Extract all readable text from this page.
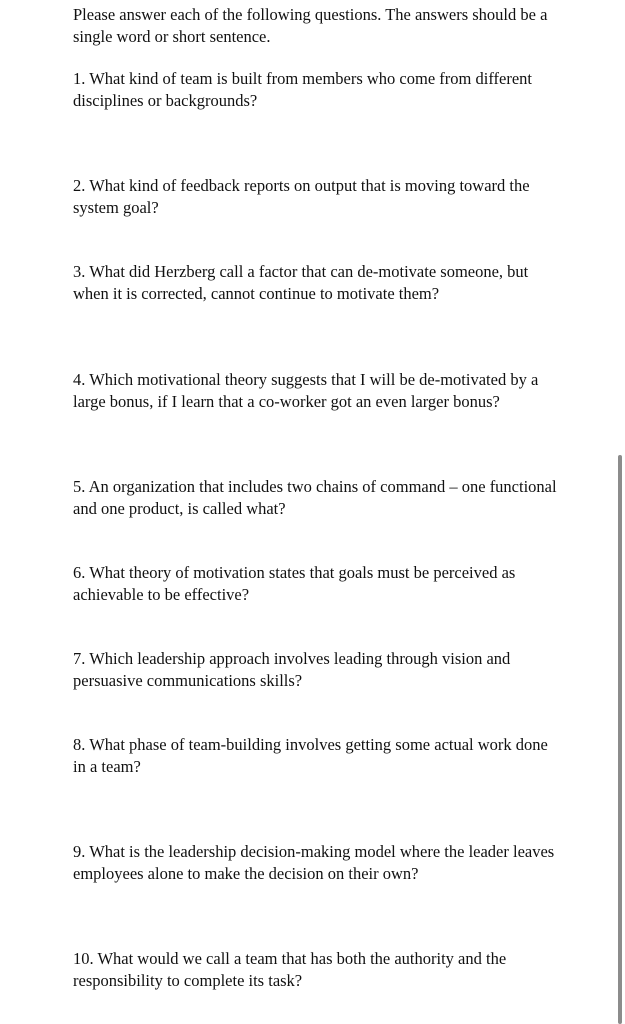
Please answer each of the following questions. The answers should be a single word or short sentence.

1. What kind of team is built from members who come from different disciplines or backgrounds?

2. What kind of feedback reports on output that is moving toward the system goal?

3. What did Herzberg call a factor that can de-motivate someone, but when it is corrected, cannot continue to motivate them?

4. Which motivational theory suggests that I will be de-motivated by a large bonus, if I learn that a co-worker got an even larger bonus?

5. An organization that includes two chains of command – one functional and one product, is called what?

6. What theory of motivation states that goals must be perceived as achievable to be effective?

7. Which leadership approach involves leading through vision and persuasive communications skills?

8. What phase of team-building involves getting some actual work done in a team?

9. What is the leadership decision-making model where the leader leaves employees alone to make the decision on their own?

10. What would we call a team that has both the authority and the responsibility to complete its task?
